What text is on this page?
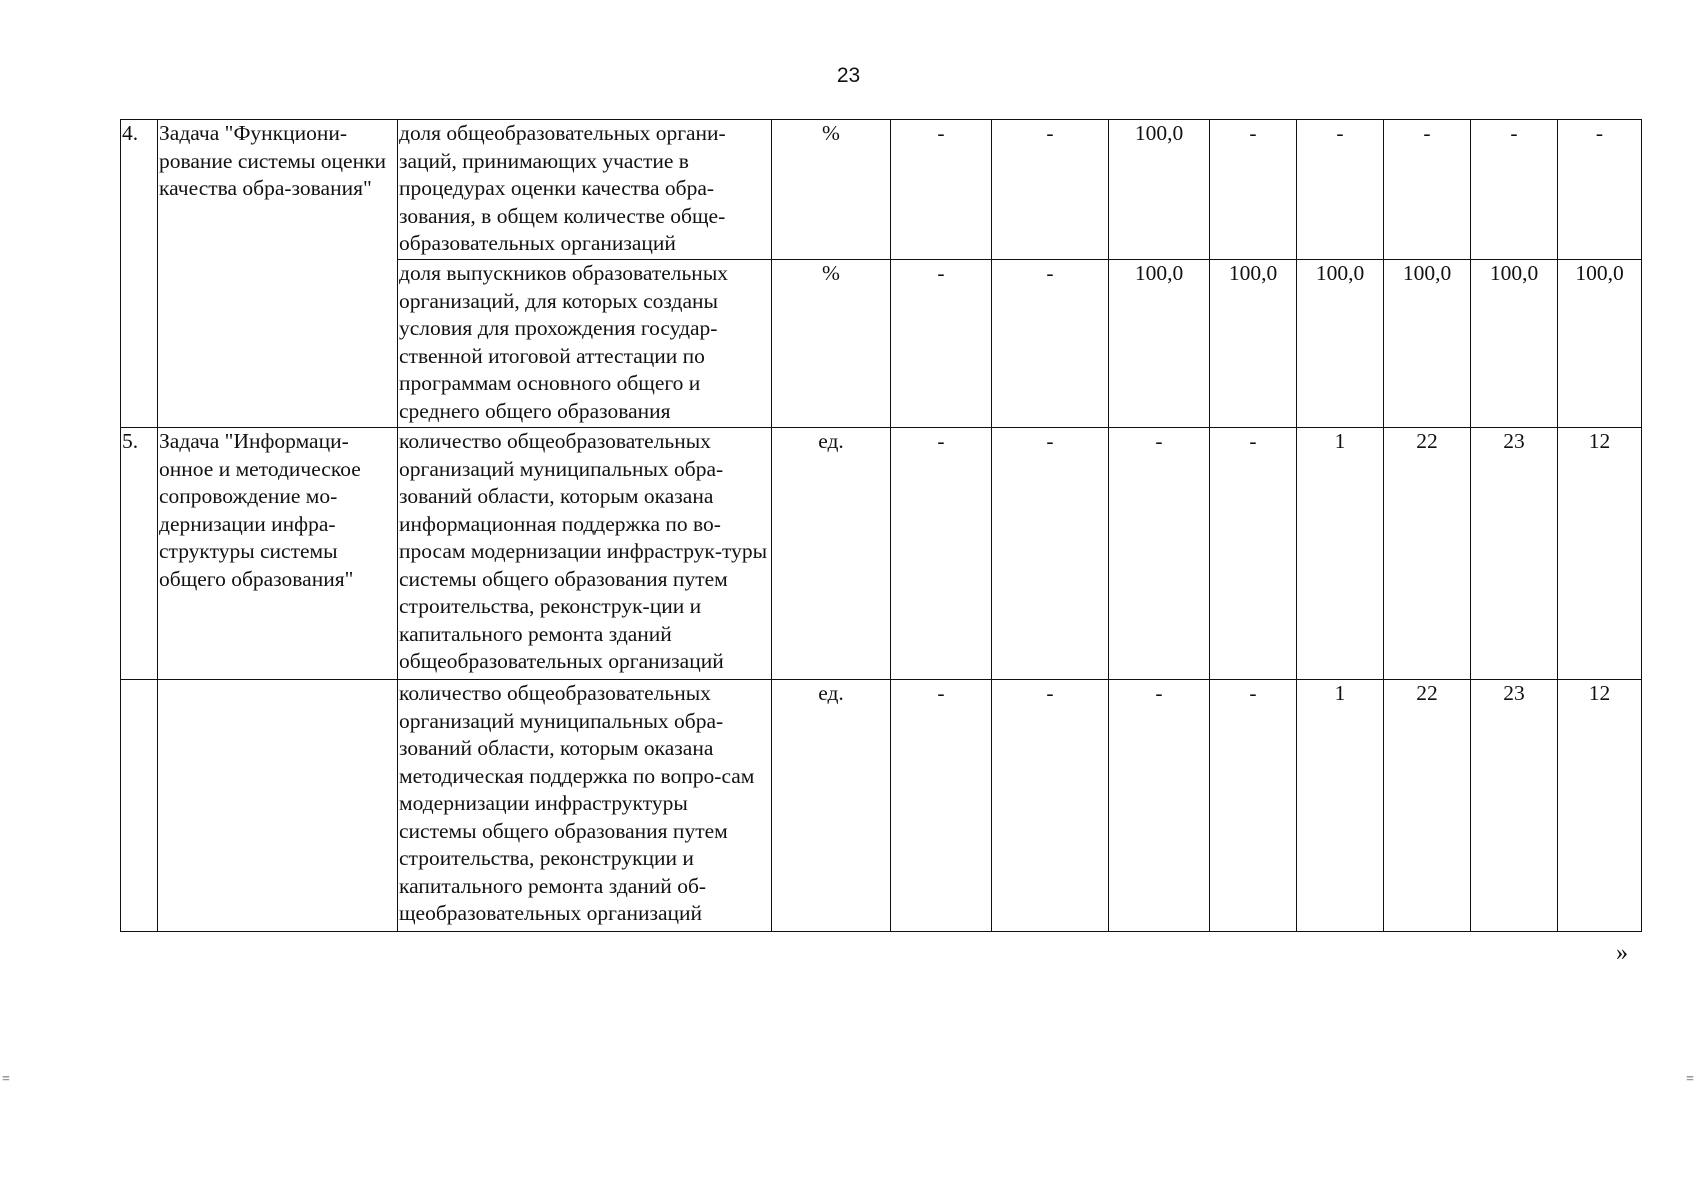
23
4.	Задача "Функциони-рование системы оценки качества обра-зования"	доля общеобразовательных органи-заций, принимающих участие в процедурах оценки качества обра-зования, в общем количестве обще-образовательных организаций	%	-	-	100,0	-	-	-	-	-
		доля выпускников образовательных организаций, для которых созданы условия для прохождения государ-ственной итоговой аттестации по программам основного общего и среднего общего образования	%	-	-	100,0	100,0	100,0	100,0	100,0	100,0
5.	Задача "Информаци-онное и методическое сопровождение мо-дернизации инфра-структуры системы общего образования"	количество общеобразовательных организаций муниципальных обра-зований области, которым оказана информационная поддержка по во-просам модернизации инфраструк-туры системы общего образования путем строительства, реконструк-ции и капитального ремонта зданий общеобразовательных организаций	ед.	-	-	-	-	1	22	23	12
		количество общеобразовательных организаций муниципальных обра-зований области, которым оказана методическая поддержка по вопро-сам модернизации инфраструктуры системы общего образования путем строительства, реконструкции и капитального ремонта зданий об-щеобразовательных организаций	ед.	-	-	-	-	1	22	23	12
»
=	=
